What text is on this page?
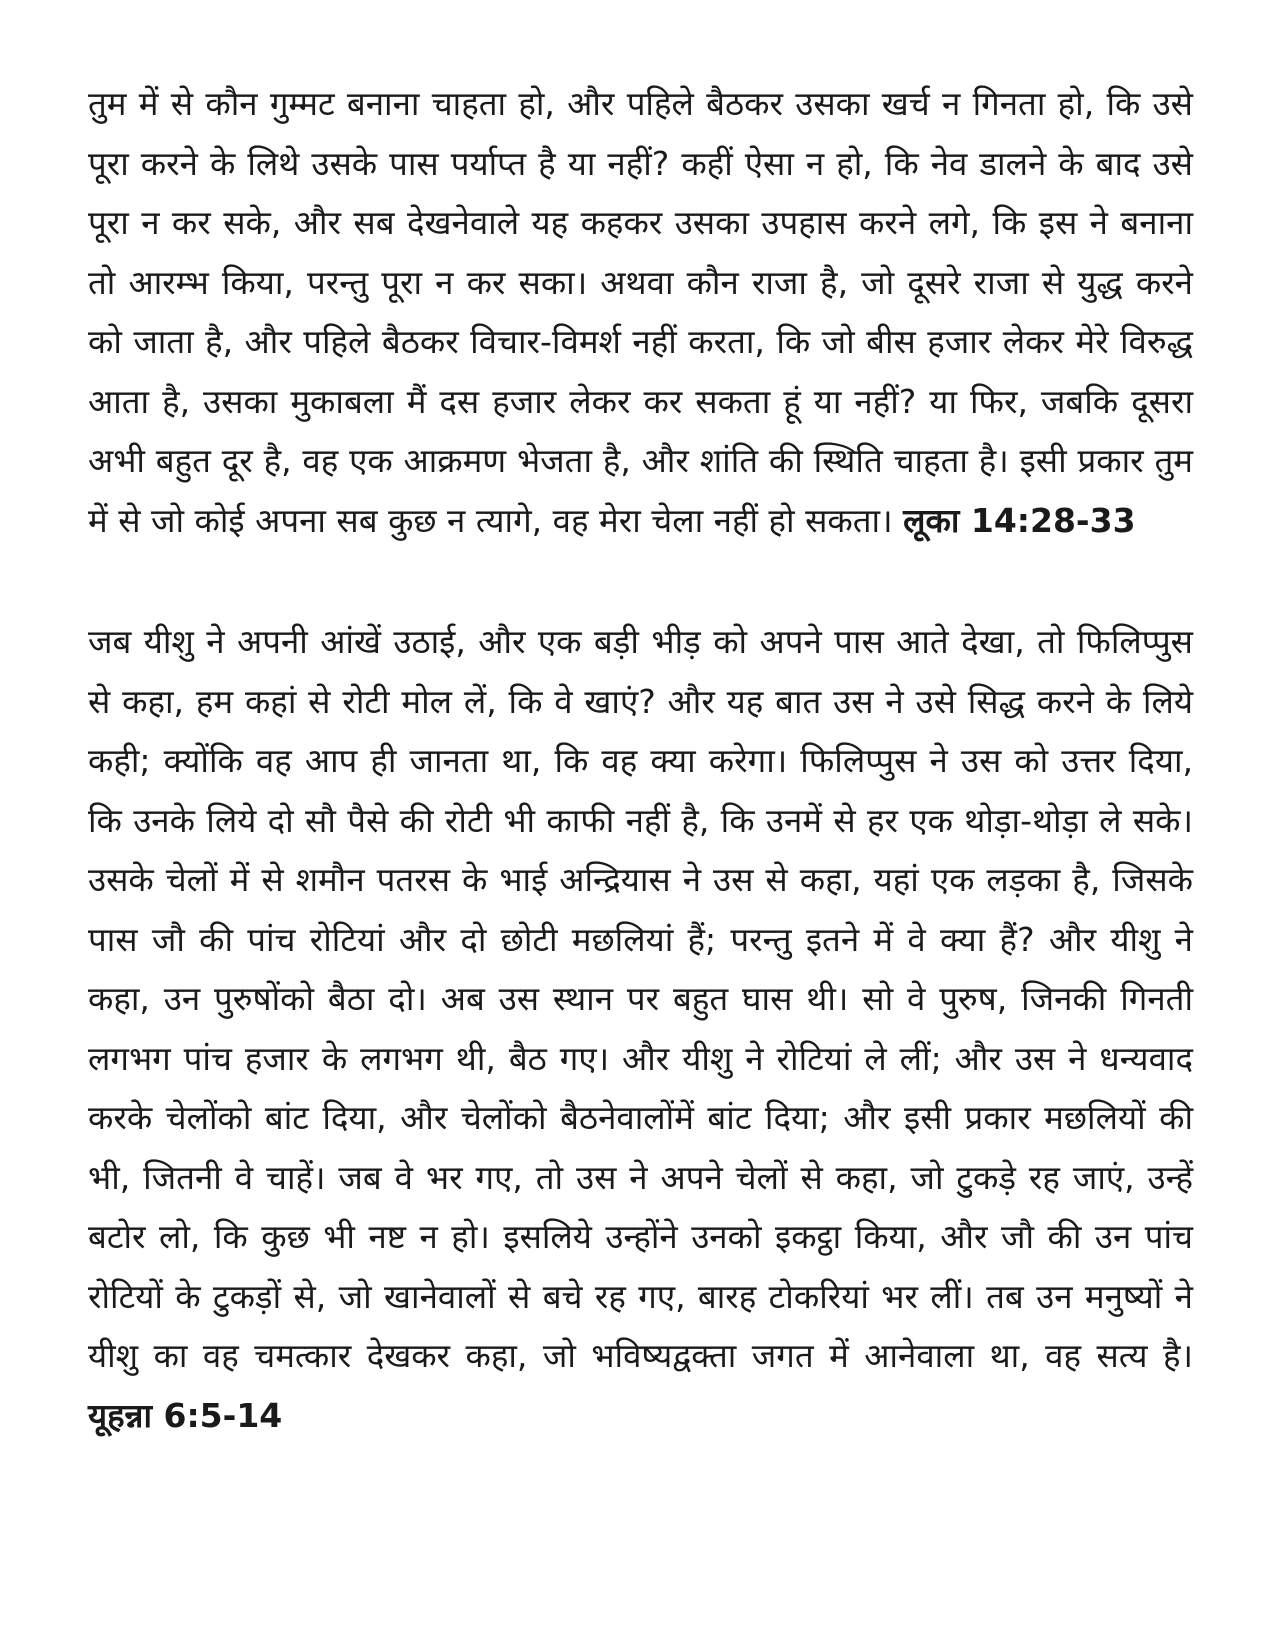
तुम में से कौन गुम्मट बनाना चाहता हो, और पहिले बैठकर उसका खर्च न गिनता हो, कि उसे पूरा करने के लिथे उसके पास पर्याप्त है या नहीं? कहीं ऐसा न हो, कि नेव डालने के बाद उसे पूरा न कर सके, और सब देखनेवाले यह कहकर उसका उपहास करने लगे, कि इस ने बनाना तो आरम्भ किया, परन्तु पूरा न कर सका। अथवा कौन राजा है, जो दूसरे राजा से युद्ध करने को जाता है, और पहिले बैठकर विचार-विमर्श नहीं करता, कि जो बीस हजार लेकर मेरे विरुद्ध आता है, उसका मुकाबला मैं दस हजार लेकर कर सकता हूं या नहीं? या फिर, जबकि दूसरा अभी बहुत दूर है, वह एक आक्रमण भेजता है, और शांति की स्थिति चाहता है। इसी प्रकार तुम में से जो कोई अपना सब कुछ न त्यागे, वह मेरा चेला नहीं हो सकता। लूका 14:28-33

जब यीशु ने अपनी आंखें उठाई, और एक बड़ी भीड़ को अपने पास आते देखा, तो फिलिप्पुस से कहा, हम कहां से रोटी मोल लें, कि वे खाएं? और यह बात उस ने उसे सिद्ध करने के लिये कही; क्योंकि वह आप ही जानता था, कि वह क्या करेगा। फिलिप्पुस ने उस को उत्तर दिया, कि उनके लिये दो सौ पैसे की रोटी भी काफी नहीं है, कि उनमें से हर एक थोड़ा-थोड़ा ले सके। उसके चेलों में से शमौन पतरस के भाई अन्द्रियास ने उस से कहा, यहां एक लड़का है, जिसके पास जौ की पांच रोटियां और दो छोटी मछलियां हैं; परन्तु इतने में वे क्या हैं? और यीशु ने कहा, उन पुरुषोंको बैठा दो। अब उस स्थान पर बहुत घास थी। सो वे पुरुष, जिनकी गिनती लगभग पांच हजार के लगभग थी, बैठ गए। और यीशु ने रोटियां ले लीं; और उस ने धन्यवाद करके चेलोंको बांट दिया, और चेलोंको बैठनेवालोंमें बांट दिया; और इसी प्रकार मछलियों की भी, जितनी वे चाहें। जब वे भर गए, तो उस ने अपने चेलों से कहा, जो टुकड़े रह जाएं, उन्हें बटोर लो, कि कुछ भी नष्ट न हो। इसलिये उन्होंने उनको इकट्ठा किया, और जौ की उन पांच रोटियों के टुकड़ों से, जो खानेवालों से बचे रह गए, बारह टोकरियां भर लीं। तब उन मनुष्यों ने यीशु का वह चमत्कार देखकर कहा, जो भविष्यद्वक्ता जगत में आनेवाला था, वह सत्य है। यूहन्ना 6:5-14
